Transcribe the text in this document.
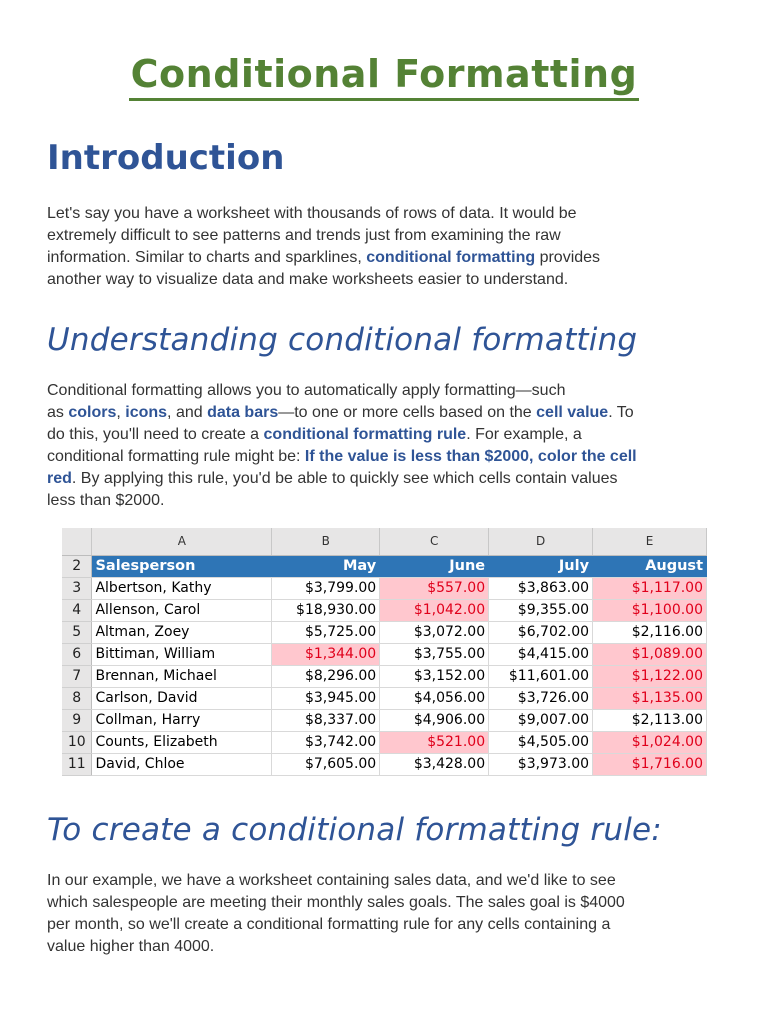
Conditional Formatting
Introduction
Let's say you have a worksheet with thousands of rows of data. It would be
extremely difficult to see patterns and trends just from examining the raw
information. Similar to charts and sparklines, conditional formatting provides
another way to visualize data and make worksheets easier to understand.
Understanding conditional formatting
Conditional formatting allows you to automatically apply formatting—such
as colors, icons, and data bars—to one or more cells based on the cell value. To
do this, you'll need to create a conditional formatting rule. For example, a
conditional formatting rule might be: If the value is less than $2000, color the cell
red. By applying this rule, you'd be able to quickly see which cells contain values
less than $2000.
	A	B	C	D	E
2	Salesperson	May	June	July	August
3	Albertson, Kathy	$3,799.00	$557.00	$3,863.00	$1,117.00
4	Allenson, Carol	$18,930.00	$1,042.00	$9,355.00	$1,100.00
5	Altman, Zoey	$5,725.00	$3,072.00	$6,702.00	$2,116.00
6	Bittiman, William	$1,344.00	$3,755.00	$4,415.00	$1,089.00
7	Brennan, Michael	$8,296.00	$3,152.00	$11,601.00	$1,122.00
8	Carlson, David	$3,945.00	$4,056.00	$3,726.00	$1,135.00
9	Collman, Harry	$8,337.00	$4,906.00	$9,007.00	$2,113.00
10	Counts, Elizabeth	$3,742.00	$521.00	$4,505.00	$1,024.00
11	David, Chloe	$7,605.00	$3,428.00	$3,973.00	$1,716.00
To create a conditional formatting rule:
In our example, we have a worksheet containing sales data, and we'd like to see
which salespeople are meeting their monthly sales goals. The sales goal is $4000
per month, so we'll create a conditional formatting rule for any cells containing a
value higher than 4000.
